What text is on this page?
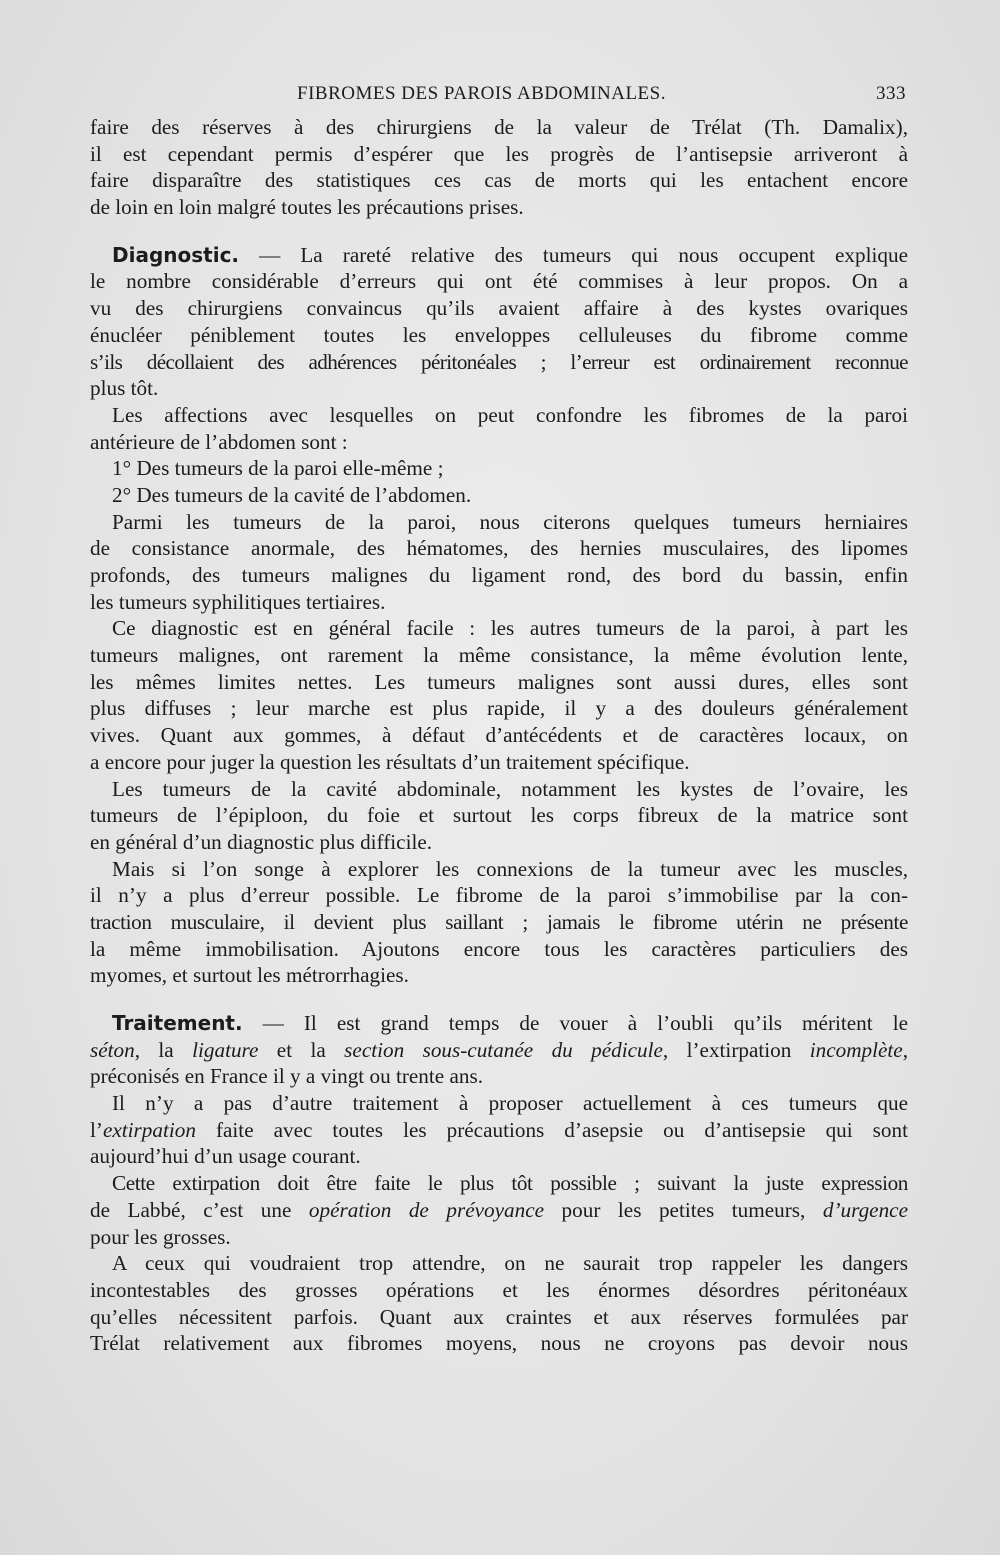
FIBROMES DES PAROIS ABDOMINALES.	333
faire des réserves à des chirurgiens de la valeur de Trélat (Th. Damalix),
il est cependant permis d’espérer que les progrès de l’antisepsie arriveront à
faire disparaître des statistiques ces cas de morts qui les entachent encore
de loin en loin malgré toutes les précautions prises.
Diagnostic. — La rareté relative des tumeurs qui nous occupent explique
le nombre considérable d’erreurs qui ont été commises à leur propos. On a
vu des chirurgiens convaincus qu’ils avaient affaire à des kystes ovariques
énucléer péniblement toutes les enveloppes celluleuses du fibrome comme
s’ils décollaient des adhérences péritonéales ; l’erreur est ordinairement reconnue
plus tôt.
Les affections avec lesquelles on peut confondre les fibromes de la paroi
antérieure de l’abdomen sont :
1° Des tumeurs de la paroi elle-même ;
2° Des tumeurs de la cavité de l’abdomen.
Parmi les tumeurs de la paroi, nous citerons quelques tumeurs herniaires
de consistance anormale, des hématomes, des hernies musculaires, des lipomes
profonds, des tumeurs malignes du ligament rond, des bord du bassin, enfin
les tumeurs syphilitiques tertiaires.
Ce diagnostic est en général facile : les autres tumeurs de la paroi, à part les
tumeurs malignes, ont rarement la même consistance, la même évolution lente,
les mêmes limites nettes. Les tumeurs malignes sont aussi dures, elles sont
plus diffuses ; leur marche est plus rapide, il y a des douleurs généralement
vives. Quant aux gommes, à défaut d’antécédents et de caractères locaux, on
a encore pour juger la question les résultats d’un traitement spécifique.
Les tumeurs de la cavité abdominale, notamment les kystes de l’ovaire, les
tumeurs de l’épiploon, du foie et surtout les corps fibreux de la matrice sont
en général d’un diagnostic plus difficile.
Mais si l’on songe à explorer les connexions de la tumeur avec les muscles,
il n’y a plus d’erreur possible. Le fibrome de la paroi s’immobilise par la con-
traction musculaire, il devient plus saillant ; jamais le fibrome utérin ne présente
la même immobilisation. Ajoutons encore tous les caractères particuliers des
myomes, et surtout les métrorrhagies.
Traitement. — Il est grand temps de vouer à l’oubli qu’ils méritent le
séton, la ligature et la section sous-cutanée du pédicule, l’extirpation incomplète,
préconisés en France il y a vingt ou trente ans.
Il n’y a pas d’autre traitement à proposer actuellement à ces tumeurs que
l’extirpation faite avec toutes les précautions d’asepsie ou d’antisepsie qui sont
aujourd’hui d’un usage courant.
Cette extirpation doit être faite le plus tôt possible ; suivant la juste expression
de Labbé, c’est une opération de prévoyance pour les petites tumeurs, d’urgence
pour les grosses.
A ceux qui voudraient trop attendre, on ne saurait trop rappeler les dangers
incontestables des grosses opérations et les énormes désordres péritonéaux
qu’elles nécessitent parfois. Quant aux craintes et aux réserves formulées par
Trélat relativement aux fibromes moyens, nous ne croyons pas devoir nous
